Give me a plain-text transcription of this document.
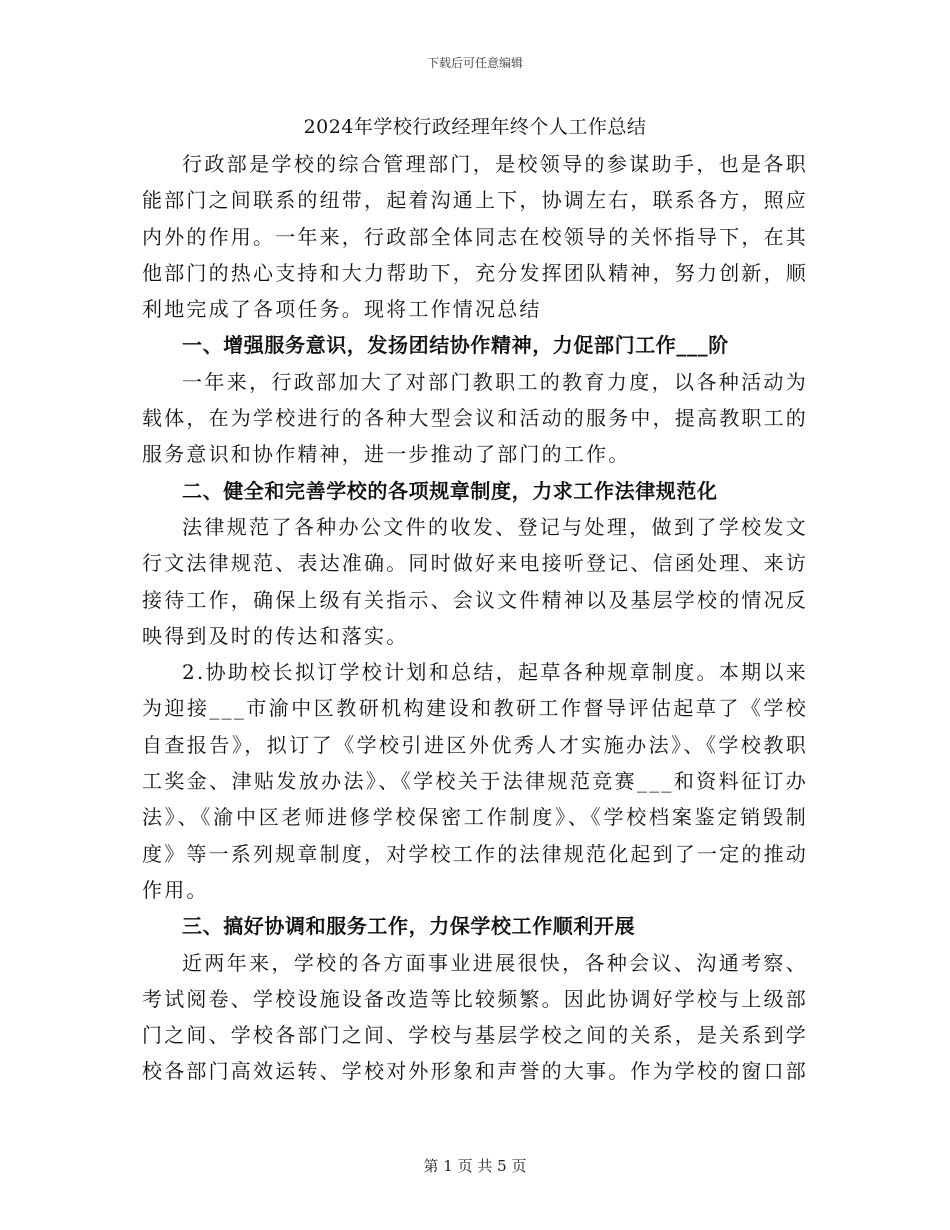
下载后可任意编辑
2024年学校行政经理年终个人工作总结

行政部是学校的综合管理部门，是校领导的参谋助手，也是各职能部门之间联系的纽带，起着沟通上下，协调左右，联系各方，照应内外的作用。一年来，行政部全体同志在校领导的关怀指导下，在其他部门的热心支持和大力帮助下，充分发挥团队精神，努力创新，顺利地完成了各项任务。现将工作情况总结

一、增强服务意识，发扬团结协作精神，力促部门工作___阶

一年来，行政部加大了对部门教职工的教育力度，以各种活动为载体，在为学校进行的各种大型会议和活动的服务中，提高教职工的服务意识和协作精神，进一步推动了部门的工作。

二、健全和完善学校的各项规章制度，力求工作法律规范化

法律规范了各种办公文件的收发、登记与处理，做到了学校发文行文法律规范、表达准确。同时做好来电接听登记、信函处理、来访接待工作，确保上级有关指示、会议文件精神以及基层学校的情况反映得到及时的传达和落实。

2.协助校长拟订学校计划和总结，起草各种规章制度。本期以来为迎接___市渝中区教研机构建设和教研工作督导评估起草了《学校自查报告》，拟订了《学校引进区外优秀人才实施办法》、《学校教职工奖金、津贴发放办法》、《学校关于法律规范竞赛___和资料征订办法》、《渝中区老师进修学校保密工作制度》、《学校档案鉴定销毁制度》等一系列规章制度，对学校工作的法律规范化起到了一定的推动作用。

三、搞好协调和服务工作，力保学校工作顺利开展

近两年来，学校的各方面事业进展很快，各种会议、沟通考察、考试阅卷、学校设施设备改造等比较频繁。因此协调好学校与上级部门之间、学校各部门之间、学校与基层学校之间的关系，是关系到学校各部门高效运转、学校对外形象和声誉的大事。作为学校的窗口部

第 1 页 共 5 页
